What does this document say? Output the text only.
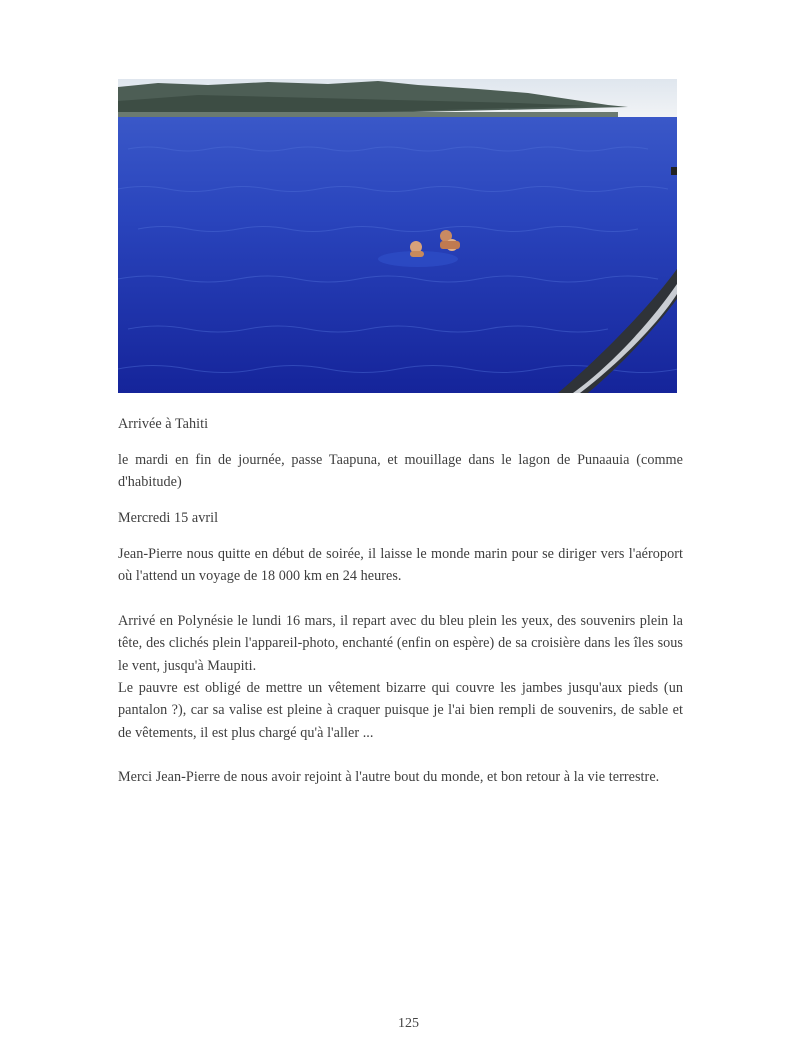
Arrivée à Tahiti
le mardi en fin de journée, passe Taapuna, et mouillage dans le lagon de Punaauia (comme d'habitude)
Mercredi 15 avril
Jean-Pierre nous quitte en début de soirée, il laisse le monde marin pour se diriger vers l'aéroport où l'attend un voyage de 18 000 km en 24 heures.
Arrivé en Polynésie le lundi 16 mars, il repart avec du bleu plein les yeux, des souvenirs plein la tête, des clichés plein l'appareil-photo, enchanté (enfin on espère) de sa croisière dans les îles sous le vent, jusqu'à Maupiti.
Le pauvre est obligé de mettre un vêtement bizarre qui couvre les jambes jusqu'aux pieds (un pantalon ?), car sa valise est pleine à craquer puisque je l'ai bien rempli de souvenirs, de sable et de vêtements, il est plus chargé qu'à l'aller ...
Merci Jean-Pierre de nous avoir rejoint à l'autre bout du monde, et bon retour à la vie terrestre.
125
